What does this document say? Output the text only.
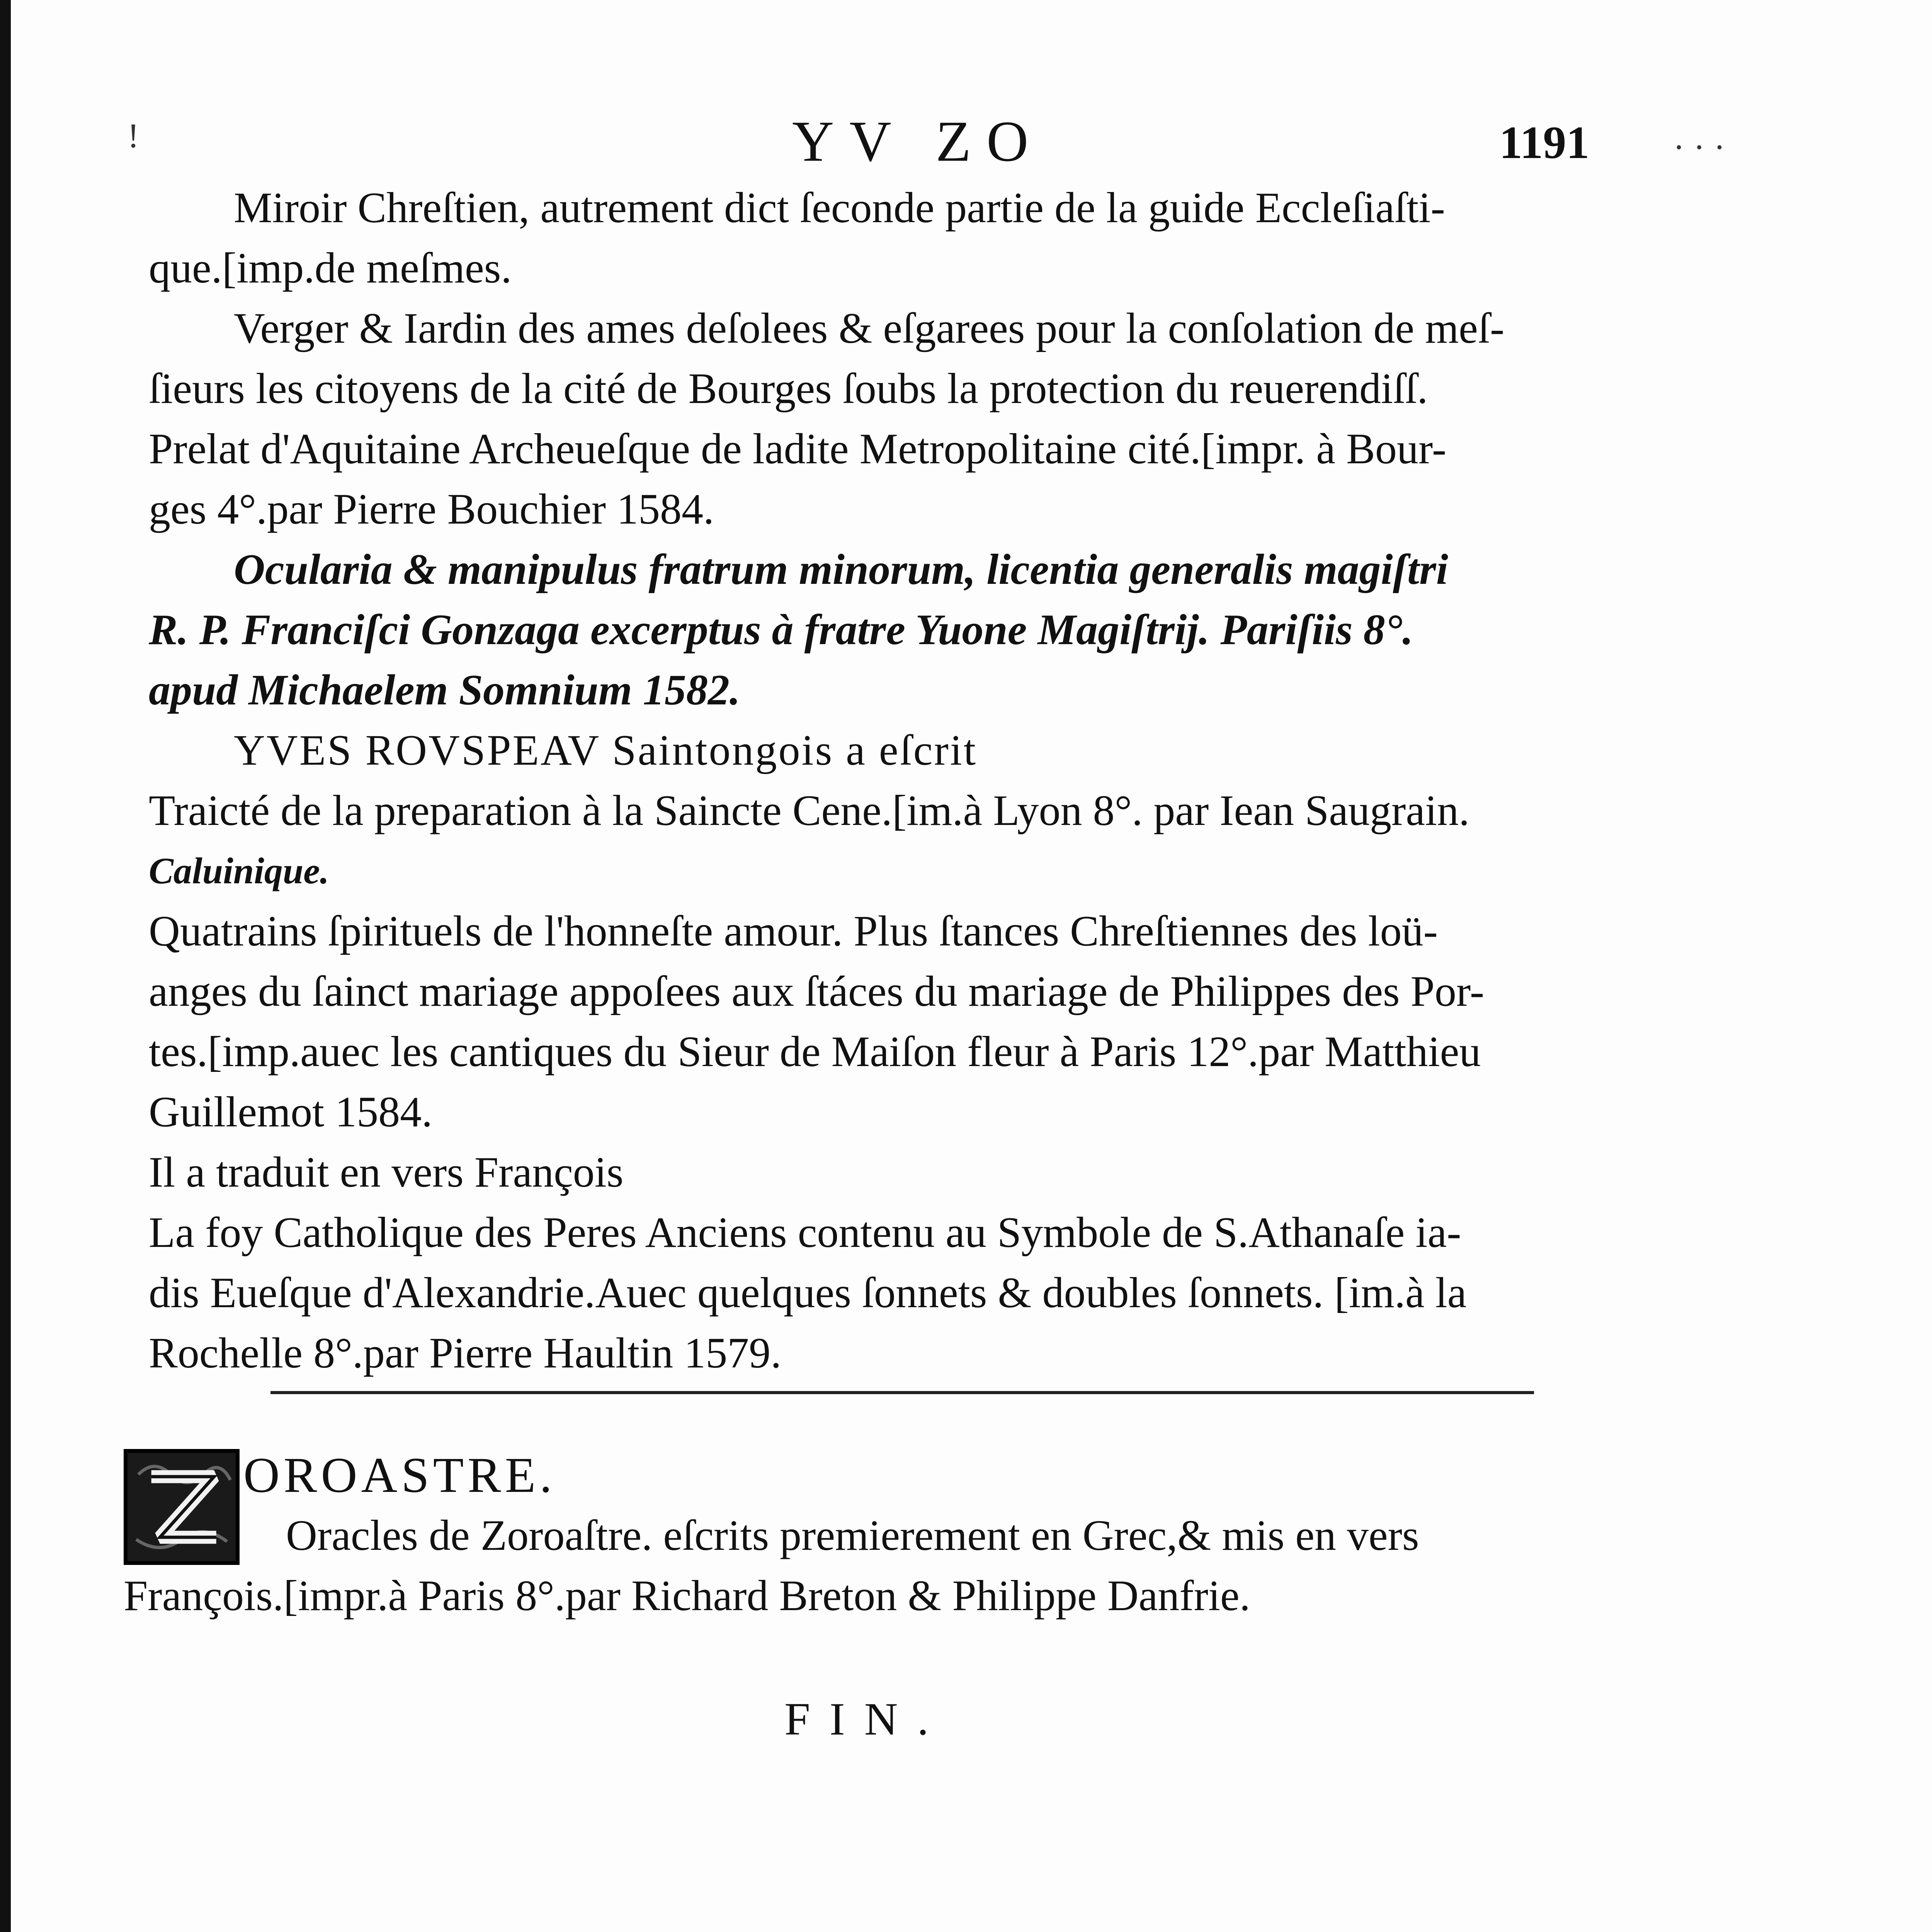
!	· · ·
YV ZO	1191

Miroir Chreſtien, autrement dict ſeconde partie de la guide Eccleſiaſti-

que.[imp.de meſmes.

Verger & Iardin des ames deſolees & eſgarees pour la conſolation de meſ-

ſieurs les citoyens de la cité de Bourges ſoubs la protection du reuerendiſſ.

Prelat d'Aquitaine Archeueſque de ladite Metropolitaine cité.[impr. à Bour-

ges 4°.par Pierre Bouchier 1584.

Ocularia & manipulus fratrum minorum, licentia generalis magiſtri

R. P. Franciſci Gonzaga excerptus à fratre Yuone Magiſtrij. Pariſiis 8°.

apud Michaelem Somnium 1582.

YVES ROVSPEAV Saintongois a eſcrit

Traicté de la preparation à la Saincte Cene.[im.à Lyon 8°. par Iean Saugrain.

Caluinique.

Quatrains ſpirituels de l'honneſte amour. Plus ſtances Chreſtiennes des loü-

anges du ſainct mariage appoſees aux ſtáces du mariage de Philippes des Por-

tes.[imp.auec les cantiques du Sieur de Maiſon fleur à Paris 12°.par Matthieu

Guillemot 1584.

Il a traduit en vers François

La foy Catholique des Peres Anciens contenu au Symbole de S.Athanaſe ia-

dis Eueſque d'Alexandrie.Auec quelques ſonnets & doubles ſonnets. [im.à la

Rochelle 8°.par Pierre Haultin 1579.

OROASTRE.
Oracles de Zoroaſtre. eſcrits premierement en Grec,& mis en vers
François.[impr.à Paris 8°.par Richard Breton & Philippe Danfrie.
FIN.
